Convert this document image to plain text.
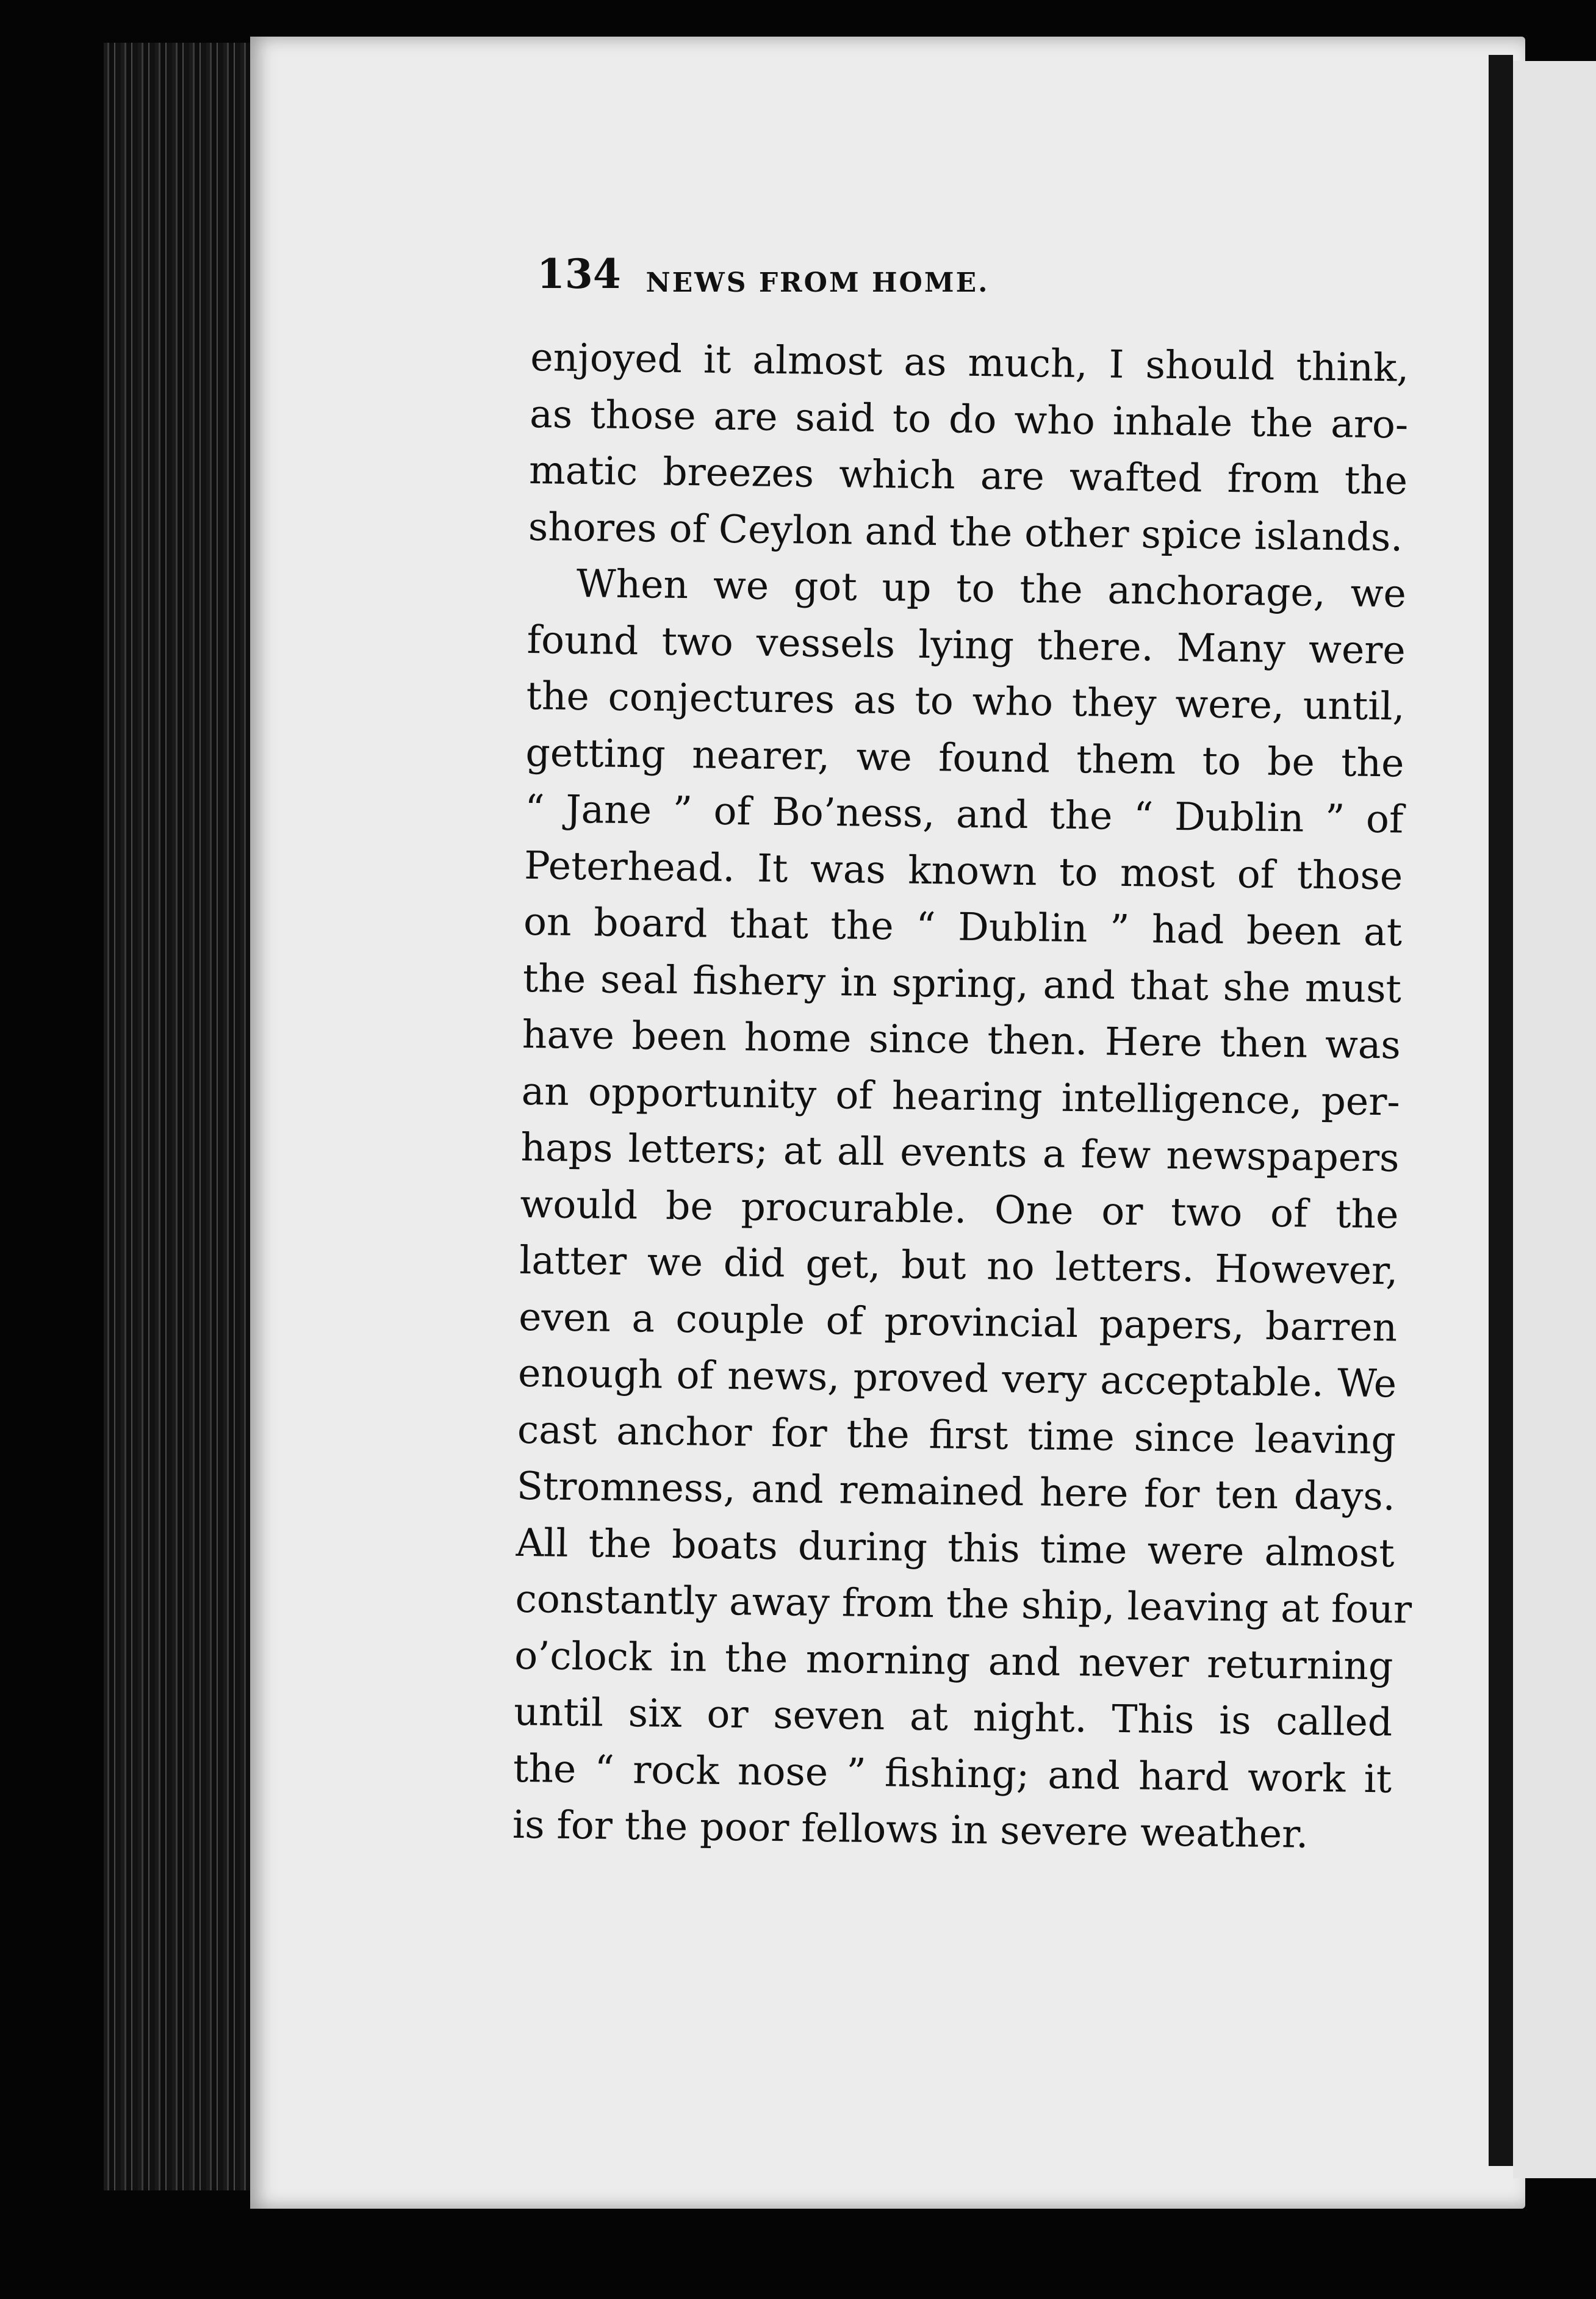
134 NEWS FROM HOME.
enjoyed it almost as much, I should think,
as those are said to do who inhale the aro-
matic breezes which are wafted from the
shores of Ceylon and the other spice islands.
When we got up to the anchorage, we
found two vessels lying there. Many were
the conjectures as to who they were, until,
getting nearer, we found them to be the
“ Jane ” of Bo’ness, and the “ Dublin ” of
Peterhead. It was known to most of those
on board that the “ Dublin ” had been at
the seal fishery in spring, and that she must
have been home since then. Here then was
an opportunity of hearing intelligence, per-
haps letters; at all events a few newspapers
would be procurable. One or two of the
latter we did get, but no letters. However,
even a couple of provincial papers, barren
enough of news, proved very acceptable. We
cast anchor for the first time since leaving
Stromness, and remained here for ten days.
All the boats during this time were almost
constantly away from the ship, leaving at four
o’clock in the morning and never returning
until six or seven at night. This is called
the “ rock nose ” fishing; and hard work it
is for the poor fellows in severe weather.
